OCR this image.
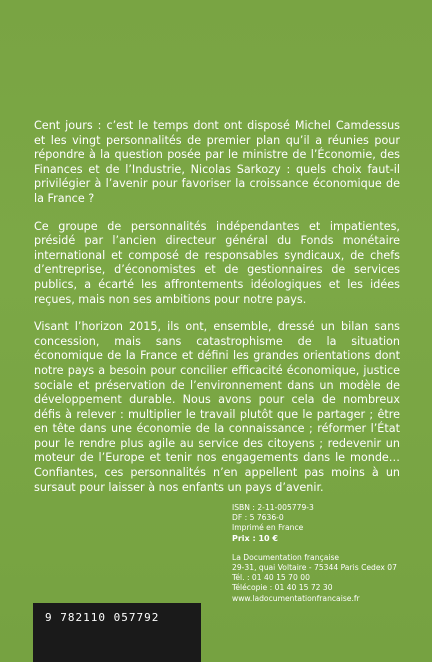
Cent jours : c’est le temps dont ont disposé Michel Camdessus et les vingt personnalités de premier plan qu’il a réunies pour répondre à la question posée par le ministre de l’Économie, des Finances et de l’Industrie, Nicolas Sarkozy : quels choix faut-il privilégier à l’avenir pour favoriser la croissance économique de la France ?

Ce groupe de personnalités indépendantes et impatientes, présidé par l’ancien directeur général du Fonds monétaire international et composé de responsables syndicaux, de chefs d’entreprise, d’économistes et de gestionnaires de services publics, a écarté les affrontements idéologiques et les idées reçues, mais non ses ambitions pour notre pays.

Visant l’horizon 2015, ils ont, ensemble, dressé un bilan sans concession, mais sans catastrophisme de la situation économique de la France et défini les grandes orientations dont notre pays a besoin pour concilier efficacité économique, justice sociale et préservation de l’environnement dans un modèle de développement durable. Nous avons pour cela de nombreux défis à relever : multiplier le travail plutôt que le partager ; être en tête dans une économie de la connaissance ; réformer l’État pour le rendre plus agile au service des citoyens ; redevenir un moteur de l’Europe et tenir nos engagements dans le monde… Confiantes, ces personnalités n’en appellent pas moins à un sursaut pour laisser à nos enfants un pays d’avenir.

ISBN : 2-11-005779-3
DF : 5 7636-0
Imprimé en France
Prix : 10 €
La Documentation française
29-31, quai Voltaire - 75344 Paris Cedex 07
Tél. : 01 40 15 70 00
Télécopie : 01 40 15 72 30
www.ladocumentationfrancaise.fr
9 782110 057792
